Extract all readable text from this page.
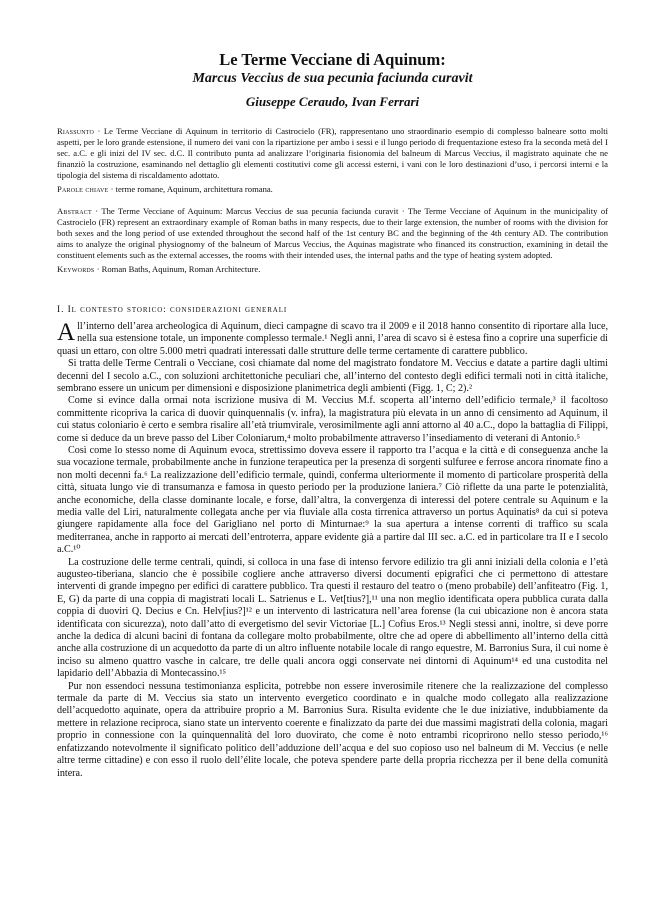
Le Terme Vecciane di Aquinum:
Marcus Veccius de sua pecunia faciunda curavit
Giuseppe Ceraudo, Ivan Ferrari

Riassunto · Le Terme Vecciane di Aquinum in territorio di Castrocielo (FR), rappresentano uno straordinario esempio di complesso balneare sotto molti aspetti, per le loro grande estensione, il numero dei vani con la ripartizione per ambo i sessi e il lungo periodo di frequentazione esteso fra la seconda metà del I sec. a.C. e gli inizi del IV sec. d.C. Il contributo punta ad analizzare l’originaria fisionomia del balneum di Marcus Veccius, il magistrato aquinate che ne finanziò la costruzione, esaminando nel dettaglio gli elementi costitutivi come gli accessi esterni, i vani con le loro destinazioni d’uso, i percorsi interni e la tipologia del sistema di riscaldamento adottato.

Parole chiave · terme romane, Aquinum, architettura romana.

Abstract · The Terme Vecciane of Aquinum: Marcus Veccius de sua pecunia faciunda curavit · The Terme Vecciane of Aquinum in the municipality of Castrocielo (FR) represent an extraordinary example of Roman baths in many respects, due to their large extension, the number of rooms with the division for both sexes and the long period of use extended throughout the second half of the 1st century BC and the beginning of the 4th century AD. The contribution aims to analyze the original physiognomy of the balneum of Marcus Veccius, the Aquinas magistrate who financed its construction, examining in detail the constituent elements such as the external accesses, the rooms with their intended uses, the internal paths and the type of heating system adopted.

Keywords · Roman Baths, Aquinum, Roman Architecture.

I. Il contesto storico: considerazioni generali

All’interno dell’area archeologica di Aquinum, dieci campagne di scavo tra il 2009 e il 2018 hanno consentito di riportare alla luce, nella sua estensione totale, un imponente complesso termale.¹ Negli anni, l’area di scavo si è estesa fino a coprire una superficie di quasi un ettaro, con oltre 5.000 metri quadrati interessati dalle strutture delle terme certamente di carattere pubblico.

Si tratta delle Terme Centrali o Vecciane, così chiamate dal nome del magistrato fondatore M. Veccius e datate a partire dagli ultimi decenni del I secolo a.C., con soluzioni architettoniche peculiari che, all’interno del contesto degli edifici termali noti in città italiche, sembrano essere un unicum per dimensioni e disposizione planimetrica degli ambienti (Figg. 1, C; 2).²

Come si evince dalla ormai nota iscrizione musiva di M. Veccius M.f. scoperta all’interno dell’edificio termale,³ il facoltoso committente ricopriva la carica di duovir quinquennalis (v. infra), la magistratura più elevata in un anno di censimento ad Aquinum, il cui status coloniario è certo e sembra risalire all’età triumvirale, verosimilmente agli anni attorno al 40 a.C., dopo la battaglia di Filippi, come si deduce da un breve passo del Liber Coloniarum,⁴ molto probabilmente attraverso l’insediamento di veterani di Antonio.⁵

Così come lo stesso nome di Aquinum evoca, strettissimo doveva essere il rapporto tra l’acqua e la città e di conseguenza anche la sua vocazione termale, probabilmente anche in funzione terapeutica per la presenza di sorgenti sulfuree e ferrose ancora rinomate fino a non molti decenni fa.⁶ La realizzazione dell’edificio termale, quindi, conferma ulteriormente il momento di particolare prosperità della città, situata lungo vie di transumanza e famosa in questo periodo per la produzione laniera.⁷ Ciò riflette da una parte le potenzialità, anche economiche, della classe dominante locale, e forse, dall’altra, la convergenza di interessi del potere centrale su Aquinum e la media valle del Liri, naturalmente collegata anche per via fluviale alla costa tirrenica attraverso un portus Aquinatis⁸ da cui si poteva giungere rapidamente alla foce del Garigliano nel porto di Minturnae:⁹ la sua apertura a intense correnti di traffico su scala mediterranea, anche in rapporto ai mercati dell’entroterra, appare evidente già a partire dal III sec. a.C. ed in particolare tra II e I secolo a.C.¹⁰

La costruzione delle terme centrali, quindi, si colloca in una fase di intenso fervore edilizio tra gli anni iniziali della colonia e l’età augusteo-tiberiana, slancio che è possibile cogliere anche attraverso diversi documenti epigrafici che ci permettono di attestare interventi di grande impegno per edifici di carattere pubblico. Tra questi il restauro del teatro o (meno probabile) dell’anfiteatro (Fig. 1, E, G) da parte di una coppia di magistrati locali L. Satrienus e L. Vet[tius?],¹¹ una non meglio identificata opera pubblica curata dalla coppia di duoviri Q. Decius e Cn. Helv[ius?]¹² e un intervento di lastricatura nell’area forense (la cui ubicazione non è ancora stata identificata con sicurezza), noto dall’atto di evergetismo del sevir Victoriae [L.] Cofius Eros.¹³ Negli stessi anni, inoltre, si deve porre anche la dedica di alcuni bacini di fontana da collegare molto probabilmente, oltre che ad opere di abbellimento all’interno della città anche alla costruzione di un acquedotto da parte di un altro influente notabile locale di rango equestre, M. Barronius Sura, il cui nome è inciso su almeno quattro vasche in calcare, tre delle quali ancora oggi conservate nei dintorni di Aquinum¹⁴ ed una custodita nel lapidario dell’Abbazia di Montecassino.¹⁵

Pur non essendoci nessuna testimonianza esplicita, potrebbe non essere inverosimile ritenere che la realizzazione del complesso termale da parte di M. Veccius sia stato un intervento evergetico coordinato e in qualche modo collegato alla realizzazione dell’acquedotto aquinate, opera da attribuire proprio a M. Barronius Sura. Risulta evidente che le due iniziative, indubbiamente da mettere in relazione reciproca, siano state un intervento coerente e finalizzato da parte dei due massimi magistrati della colonia, magari proprio in connessione con la quinquennalità del loro duovirato, che come è noto entrambi ricoprirono nello stesso periodo,¹⁶ enfatizzando notevolmente il significato politico dell’adduzione dell’acqua e del suo copioso uso nel balneum di M. Veccius (e nelle altre terme cittadine) e con esso il ruolo dell’élite locale, che poteva spendere parte della propria ricchezza per il bene della comunità intera.
